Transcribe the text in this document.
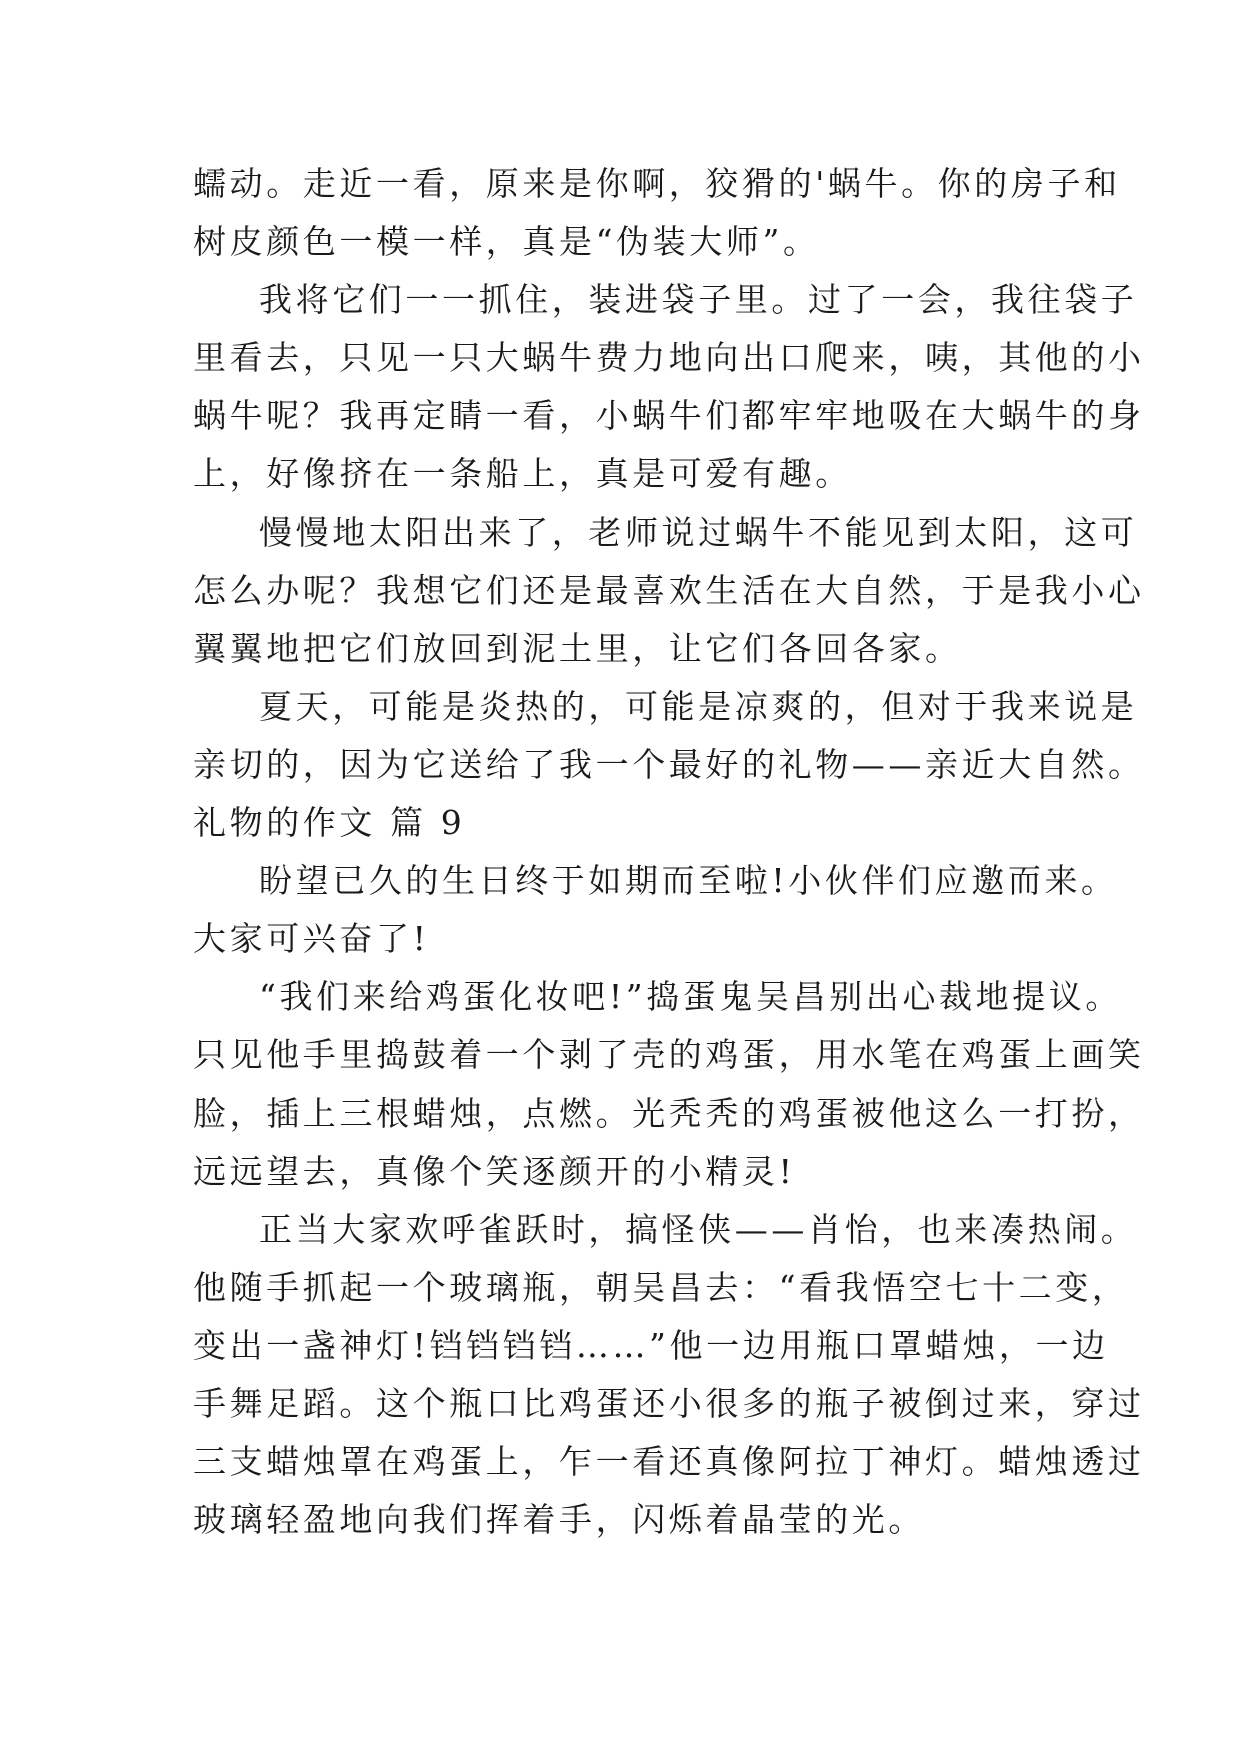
蠕动。走近一看，原来是你啊，狡猾的'蜗牛。你的房子和
树皮颜色一模一样，真是“伪装大师”。
我将它们一一抓住，装进袋子里。过了一会，我往袋子
里看去，只见一只大蜗牛费力地向出口爬来，咦，其他的小
蜗牛呢？我再定睛一看，小蜗牛们都牢牢地吸在大蜗牛的身
上，好像挤在一条船上，真是可爱有趣。
慢慢地太阳出来了，老师说过蜗牛不能见到太阳，这可
怎么办呢？我想它们还是最喜欢生活在大自然，于是我小心
翼翼地把它们放回到泥土里，让它们各回各家。
夏天，可能是炎热的，可能是凉爽的，但对于我来说是
亲切的，因为它送给了我一个最好的礼物——亲近大自然。
礼物的作文 篇 9
盼望已久的生日终于如期而至啦!小伙伴们应邀而来。
大家可兴奋了!
“我们来给鸡蛋化妆吧!”捣蛋鬼吴昌别出心裁地提议。
只见他手里捣鼓着一个剥了壳的鸡蛋，用水笔在鸡蛋上画笑
脸，插上三根蜡烛，点燃。光秃秃的鸡蛋被他这么一打扮，
远远望去，真像个笑逐颜开的小精灵!
正当大家欢呼雀跃时，搞怪侠——肖怡，也来凑热闹。
他随手抓起一个玻璃瓶，朝吴昌去：“看我悟空七十二变，
变出一盏神灯!铛铛铛铛……”他一边用瓶口罩蜡烛，一边
手舞足蹈。这个瓶口比鸡蛋还小很多的瓶子被倒过来，穿过
三支蜡烛罩在鸡蛋上，乍一看还真像阿拉丁神灯。蜡烛透过
玻璃轻盈地向我们挥着手，闪烁着晶莹的光。
